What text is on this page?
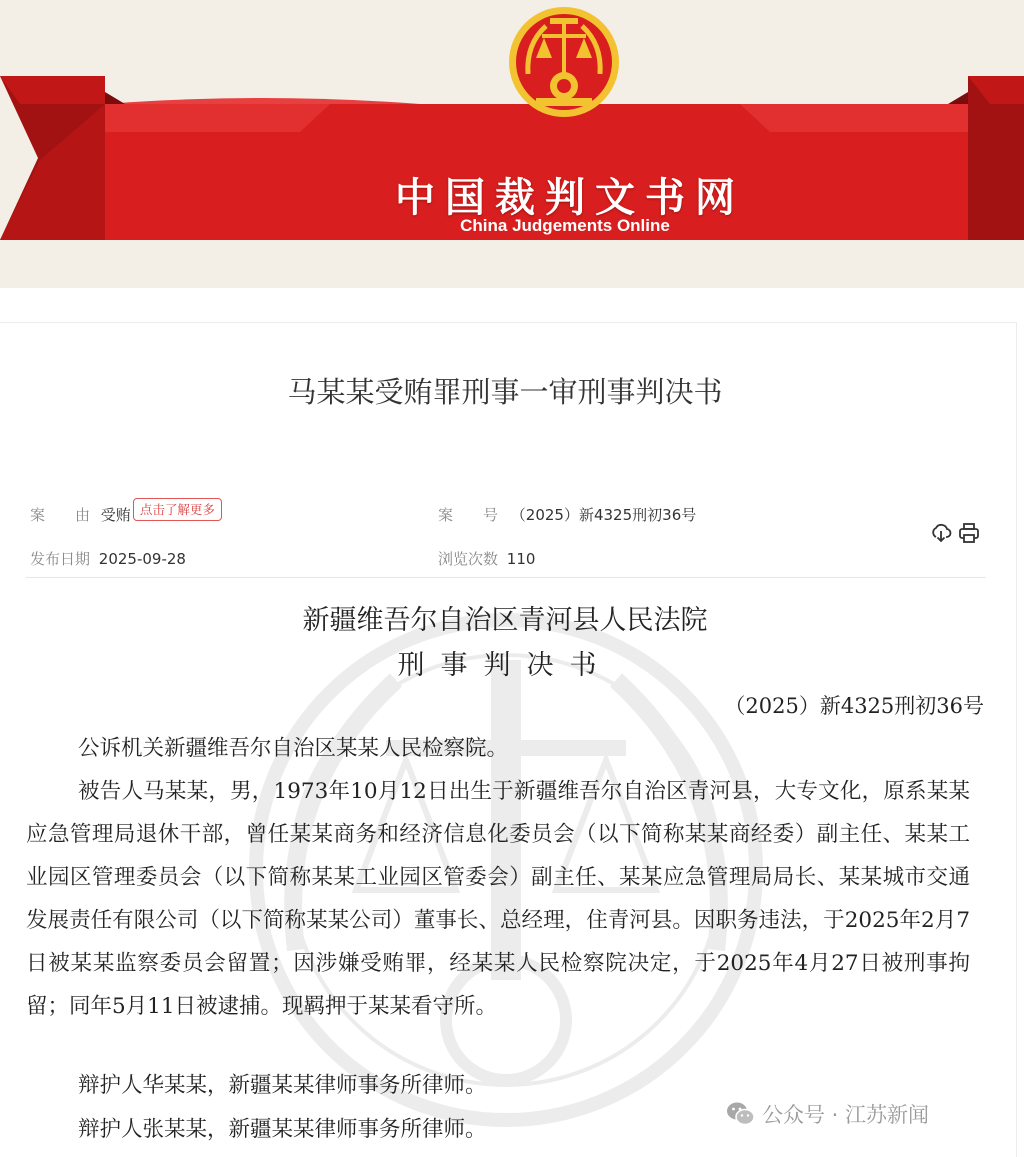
中国裁判文书网
China Judgements Online
马某某受贿罪刑事一审刑事判决书
案　　由 受贿 点击了解更多	案　　号 （2025）新4325刑初36号
发布日期 2025-09-28	浏览次数 110
新疆维吾尔自治区青河县人民法院
刑事判决书
（2025）新4325刑初36号

公诉机关新疆维吾尔自治区某某人民检察院。

被告人马某某，男，1973年10月12日出生于新疆维吾尔自治区青河县，大专文化，原系某某应急管理局退休干部，曾任某某商务和经济信息化委员会（以下简称某某商经委）副主任、某某工业园区管理委员会（以下简称某某工业园区管委会）副主任、某某应急管理局局长、某某城市交通发展责任有限公司（以下简称某某公司）董事长、总经理，住青河县。因职务违法，于2025年2月7日被某某监察委员会留置；因涉嫌受贿罪，经某某人民检察院决定，于2025年4月27日被刑事拘留；同年5月11日被逮捕。现羁押于某某看守所。

辩护人华某某，新疆某某律师事务所律师。

辩护人张某某，新疆某某律师事务所律师。

公众号 · 江苏新闻
